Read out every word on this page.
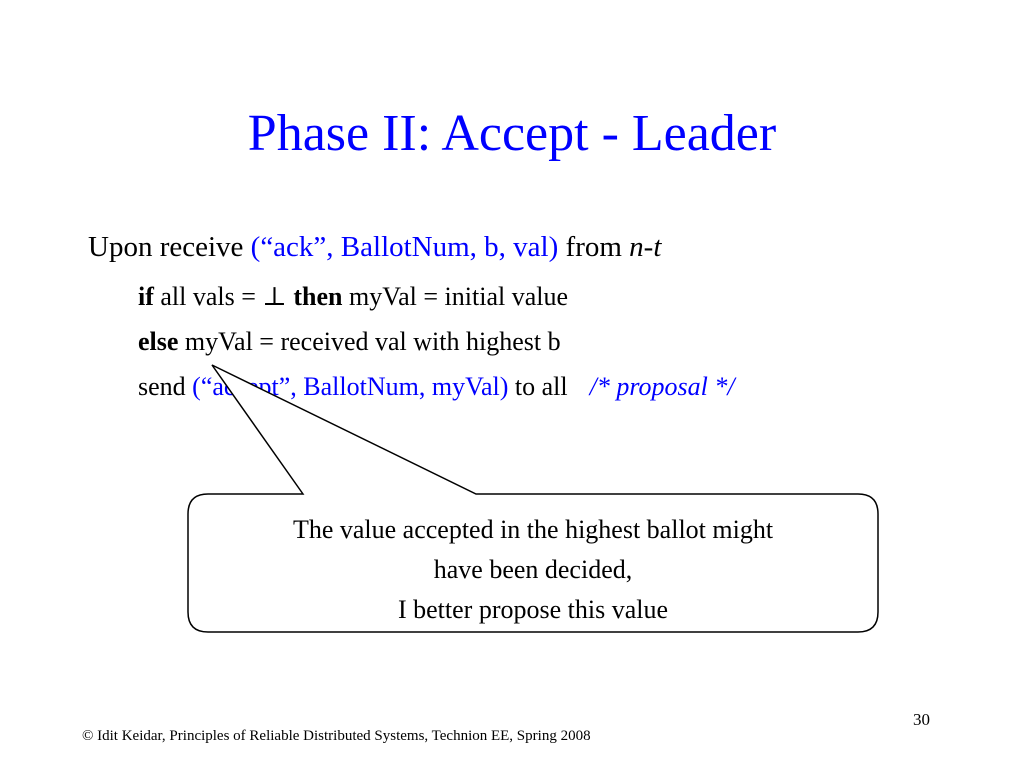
Phase II: Accept - Leader
Upon receive (“ack”, BallotNum, b, val) from n-t
if all vals = ⊥ then myVal = initial value
else myVal = received val with highest b
send (“accept”, BallotNum, myVal) to all /* proposal */
The value accepted in the highest ballot might
have been decided,
I better propose this value
30
© Idit Keidar, Principles of Reliable Distributed Systems, Technion EE, Spring 2008
